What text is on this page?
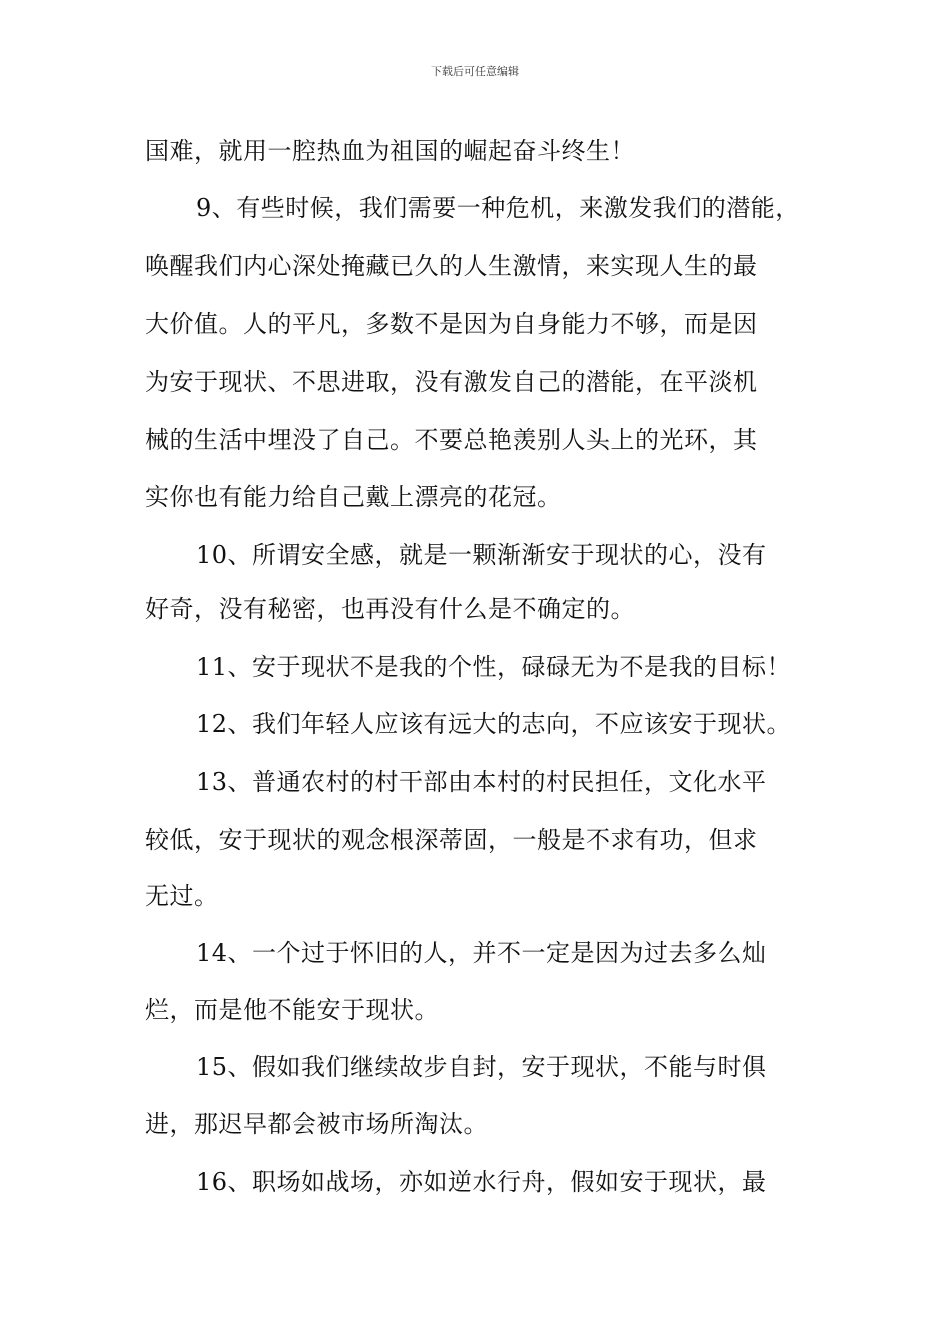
下载后可任意编辑
国难，就用一腔热血为祖国的崛起奋斗终生！
9、有些时候，我们需要一种危机，来激发我们的潜能，
唤醒我们内心深处掩藏已久的人生激情，来实现人生的最
大价值。人的平凡，多数不是因为自身能力不够，而是因
为安于现状、不思进取，没有激发自己的潜能，在平淡机
械的生活中埋没了自己。不要总艳羡别人头上的光环，其
实你也有能力给自己戴上漂亮的花冠。
10、所谓安全感，就是一颗渐渐安于现状的心，没有
好奇，没有秘密，也再没有什么是不确定的。
11、安于现状不是我的个性，碌碌无为不是我的目标！
12、我们年轻人应该有远大的志向，不应该安于现状。
13、普通农村的村干部由本村的村民担任，文化水平
较低，安于现状的观念根深蒂固，一般是不求有功，但求
无过。
14、一个过于怀旧的人，并不一定是因为过去多么灿
烂，而是他不能安于现状。
15、假如我们继续故步自封，安于现状，不能与时俱
进，那迟早都会被市场所淘汰。
16、职场如战场，亦如逆水行舟，假如安于现状，最
